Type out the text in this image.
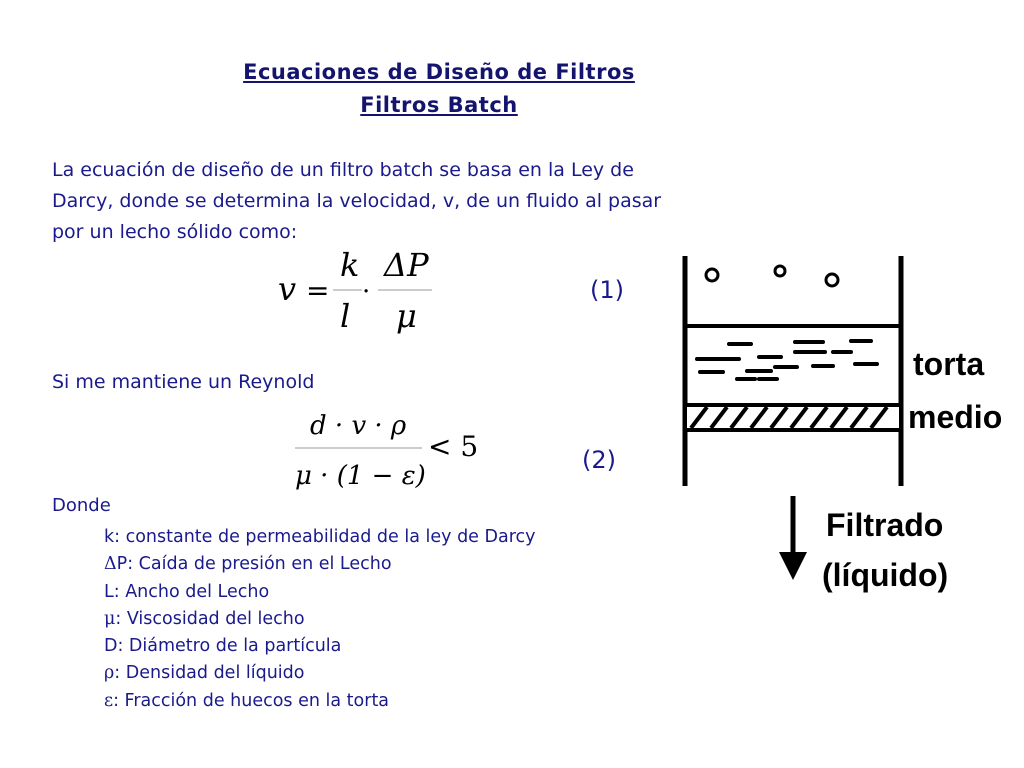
Ecuaciones de Diseño de Filtros
Filtros Batch
La ecuación de diseño de un filtro batch se basa en la Ley de
Darcy, donde se determina la velocidad, v, de un fluido al pasar
por un lecho sólido como:
v =
k
l
·
ΔP
μ
(1)
Si me mantiene un Reynold
d · v · ρ
μ · (1 − ε)
< 5	(2)
Donde
k: constante de permeabilidad de la ley de Darcy
ΔP: Caída de presión en el Lecho
L: Ancho del Lecho
μ: Viscosidad del lecho
D: Diámetro de la partícula
ρ: Densidad del líquido
ε: Fracción de huecos en la torta
torta
medio
Filtrado
(líquido)
